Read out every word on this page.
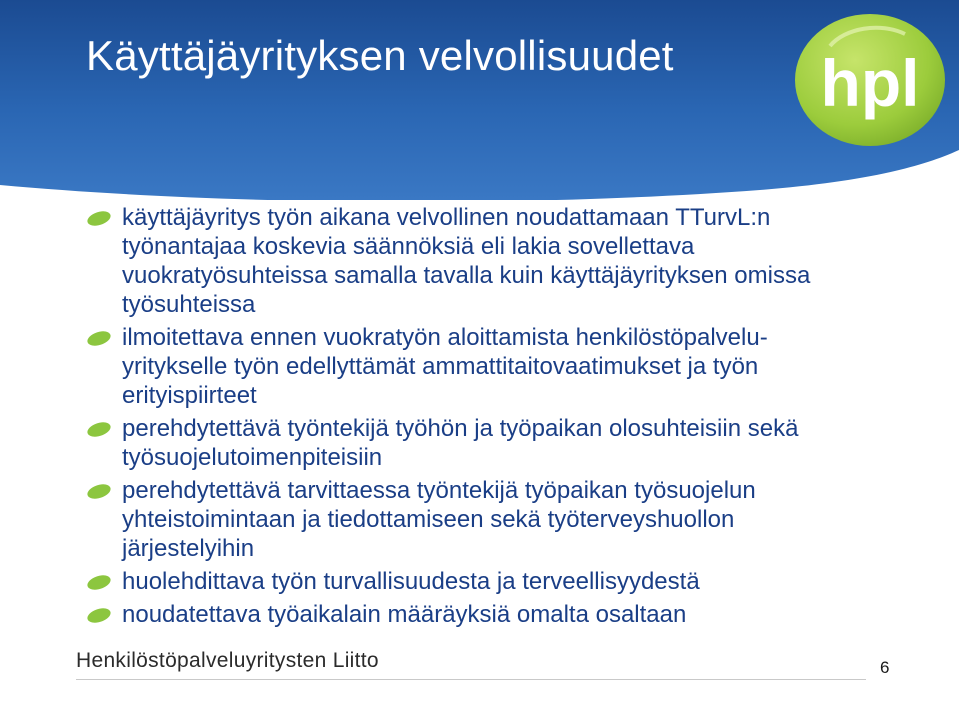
Käyttäjäyrityksen velvollisuudet hpl
käyttäjäyritys työn aikana velvollinen noudattamaan TTurvL:n työnantajaa koskevia säännöksiä eli lakia sovellettava vuokratyösuhteissa samalla tavalla kuin käyttäjäyrityksen omissa työsuhteissa
ilmoitettava ennen vuokratyön aloittamista henkilöstöpalvelu-yritykselle työn edellyttämät ammattitaitovaatimukset ja työn erityispiirteet
perehdytettävä työntekijä työhön ja työpaikan olosuhteisiin sekä työsuojelutoimenpiteisiin
perehdytettävä tarvittaessa työntekijä työpaikan työsuojelun yhteistoimintaan ja tiedottamiseen sekä työterveyshuollon järjestelyihin
huolehdittava työn turvallisuudesta ja terveellisyydestä
noudatettava työaikalain määräyksiä omalta osaltaan

Henkilöstöpalveluyritysten Liitto	6
